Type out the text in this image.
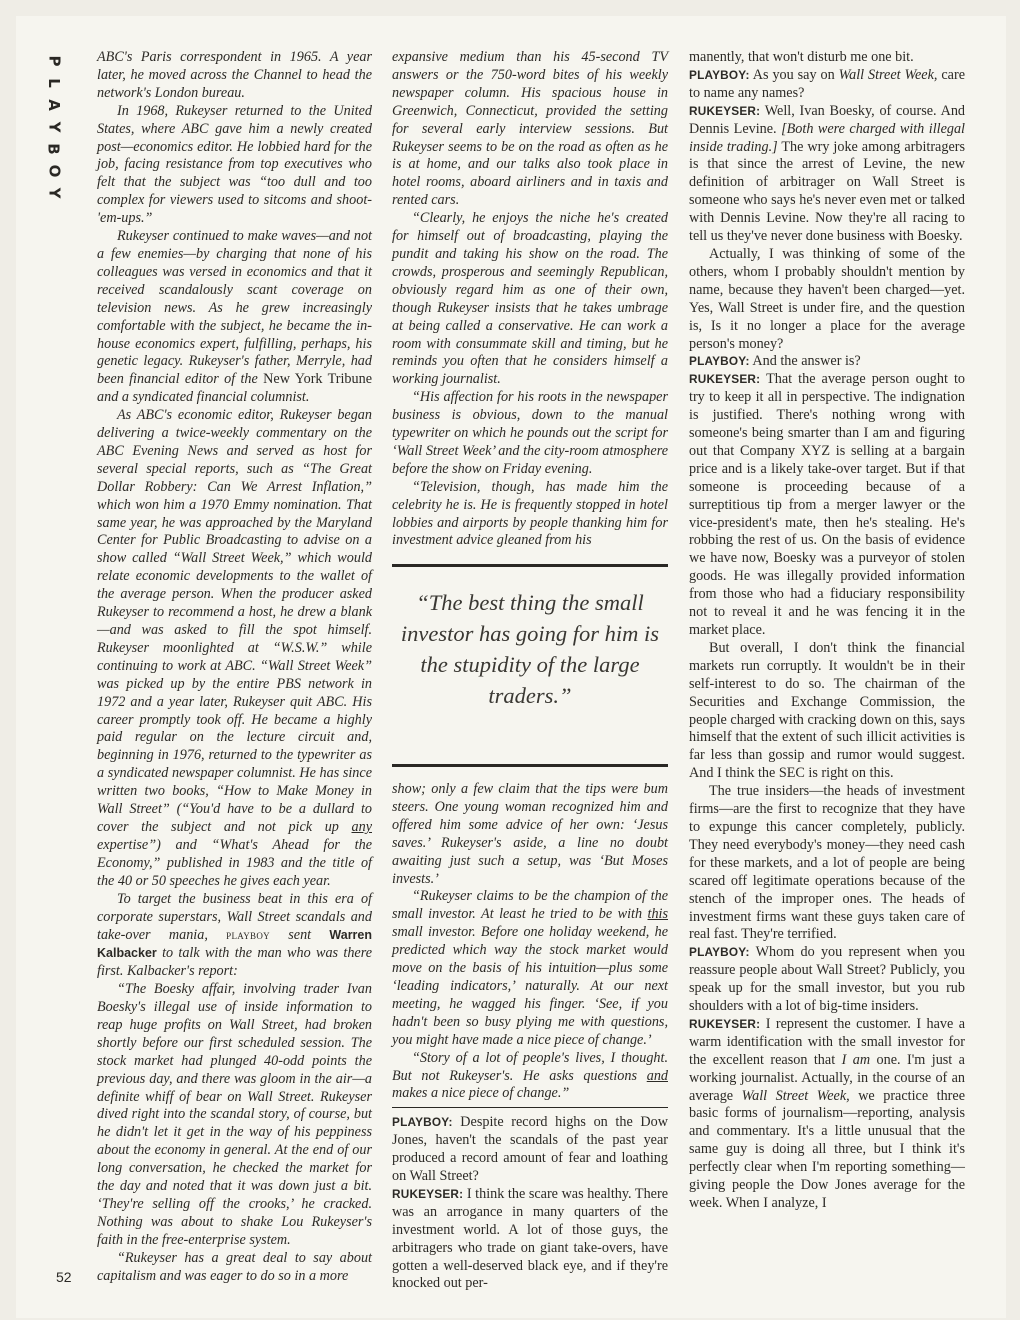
P
L
A
Y
B
O
Y
52

ABC's Paris correspondent in 1965. A year later, he moved across the Channel to head the network's London bureau.

In 1968, Rukeyser returned to the United States, where ABC gave him a newly created post—economics editor. He lobbied hard for the job, facing resistance from top executives who felt that the subject was “too dull and too complex for viewers used to sitcoms and shoot-'em-ups.”

Rukeyser continued to make waves—and not a few enemies—by charging that none of his colleagues was versed in economics and that it received scandalously scant coverage on television news. As he grew increasingly comfortable with the subject, he became the in-house economics expert, fulfilling, perhaps, his genetic legacy. Rukeyser's father, Merryle, had been financial editor of the New York Tribune and a syndicated financial columnist.

As ABC's economic editor, Rukeyser began delivering a twice-weekly commentary on the ABC Evening News and served as host for several special reports, such as “The Great Dollar Robbery: Can We Arrest Inflation,” which won him a 1970 Emmy nomination. That same year, he was approached by the Maryland Center for Public Broadcasting to advise on a show called “Wall Street Week,” which would relate economic developments to the wallet of the average person. When the producer asked Rukeyser to recommend a host, he drew a blank—and was asked to fill the spot himself. Rukeyser moonlighted at “W.S.W.” while continuing to work at ABC. “Wall Street Week” was picked up by the entire PBS network in 1972 and a year later, Rukeyser quit ABC. His career promptly took off. He became a highly paid regular on the lecture circuit and, beginning in 1976, returned to the typewriter as a syndicated newspaper columnist. He has since written two books, “How to Make Money in Wall Street” (“You'd have to be a dullard to cover the subject and not pick up any expertise”) and “What's Ahead for the Economy,” published in 1983 and the title of the 40 or 50 speeches he gives each year.

To target the business beat in this era of corporate superstars, Wall Street scandals and take-over mania, playboy sent Warren Kalbacker to talk with the man who was there first. Kalbacker's report:

“The Boesky affair, involving trader Ivan Boesky's illegal use of inside information to reap huge profits on Wall Street, had broken shortly before our first scheduled session. The stock market had plunged 40-odd points the previous day, and there was gloom in the air—a definite whiff of bear on Wall Street. Rukeyser dived right into the scandal story, of course, but he didn't let it get in the way of his peppiness about the economy in general. At the end of our long conversation, he checked the market for the day and noted that it was down just a bit. ‘They're selling off the crooks,’ he cracked. Nothing was about to shake Lou Rukeyser's faith in the free-enterprise system.

“Rukeyser has a great deal to say about capitalism and was eager to do so in a more

expansive medium than his 45-second TV answers or the 750-word bites of his weekly newspaper column. His spacious house in Greenwich, Connecticut, provided the setting for several early interview sessions. But Rukeyser seems to be on the road as often as he is at home, and our talks also took place in hotel rooms, aboard airliners and in taxis and rented cars.

“Clearly, he enjoys the niche he's created for himself out of broadcasting, playing the pundit and taking his show on the road. The crowds, prosperous and seemingly Republican, obviously regard him as one of their own, though Rukeyser insists that he takes umbrage at being called a conservative. He can work a room with consummate skill and timing, but he reminds you often that he considers himself a working journalist.

“His affection for his roots in the newspaper business is obvious, down to the manual typewriter on which he pounds out the script for ‘Wall Street Week’ and the city-room atmosphere before the show on Friday evening.

“Television, though, has made him the celebrity he is. He is frequently stopped in hotel lobbies and airports by people thanking him for investment advice gleaned from his

“The best thing the small investor has going for him is the stupidity of the large traders.”

show; only a few claim that the tips were bum steers. One young woman recognized him and offered him some advice of her own: ‘Jesus saves.’ Rukeyser's aside, a line no doubt awaiting just such a setup, was ‘But Moses invests.’

“Rukeyser claims to be the champion of the small investor. At least he tried to be with this small investor. Before one holiday weekend, he predicted which way the stock market would move on the basis of his intuition—plus some ‘leading indicators,’ naturally. At our next meeting, he wagged his finger. ‘See, if you hadn't been so busy plying me with questions, you might have made a nice piece of change.’

“Story of a lot of people's lives, I thought. But not Rukeyser's. He asks questions and makes a nice piece of change.”

PLAYBOY: Despite record highs on the Dow Jones, haven't the scandals of the past year produced a record amount of fear and loathing on Wall Street?

RUKEYSER: I think the scare was healthy. There was an arrogance in many quarters of the investment world. A lot of those guys, the arbitragers who trade on giant take-overs, have gotten a well-deserved black eye, and if they're knocked out per-

manently, that won't disturb me one bit.

PLAYBOY: As you say on Wall Street Week, care to name any names?

RUKEYSER: Well, Ivan Boesky, of course. And Dennis Levine. [Both were charged with illegal inside trading.] The wry joke among arbitragers is that since the arrest of Levine, the new definition of arbitrager on Wall Street is someone who says he's never even met or talked with Dennis Levine. Now they're all racing to tell us they've never done business with Boesky.

Actually, I was thinking of some of the others, whom I probably shouldn't mention by name, because they haven't been charged—yet. Yes, Wall Street is under fire, and the question is, Is it no longer a place for the average person's money?

PLAYBOY: And the answer is?

RUKEYSER: That the average person ought to try to keep it all in perspective. The indignation is justified. There's nothing wrong with someone's being smarter than I am and figuring out that Company XYZ is selling at a bargain price and is a likely take-over target. But if that someone is proceeding because of a surreptitious tip from a merger lawyer or the vice-president's mate, then he's stealing. He's robbing the rest of us. On the basis of evidence we have now, Boesky was a purveyor of stolen goods. He was illegally provided information from those who had a fiduciary responsibility not to reveal it and he was fencing it in the market place.

But overall, I don't think the financial markets run corruptly. It wouldn't be in their self-interest to do so. The chairman of the Securities and Exchange Commission, the people charged with cracking down on this, says himself that the extent of such illicit activities is far less than gossip and rumor would suggest. And I think the SEC is right on this.

The true insiders—the heads of investment firms—are the first to recognize that they have to expunge this cancer completely, publicly. They need everybody's money—they need cash for these markets, and a lot of people are being scared off legitimate operations because of the stench of the improper ones. The heads of investment firms want these guys taken care of real fast. They're terrified.

PLAYBOY: Whom do you represent when you reassure people about Wall Street? Publicly, you speak up for the small investor, but you rub shoulders with a lot of big-time insiders.

RUKEYSER: I represent the customer. I have a warm identification with the small investor for the excellent reason that I am one. I'm just a working journalist. Actually, in the course of an average Wall Street Week, we practice three basic forms of journalism—reporting, analysis and commentary. It's a little unusual that the same guy is doing all three, but I think it's perfectly clear when I'm reporting something—giving people the Dow Jones average for the week. When I analyze, I
